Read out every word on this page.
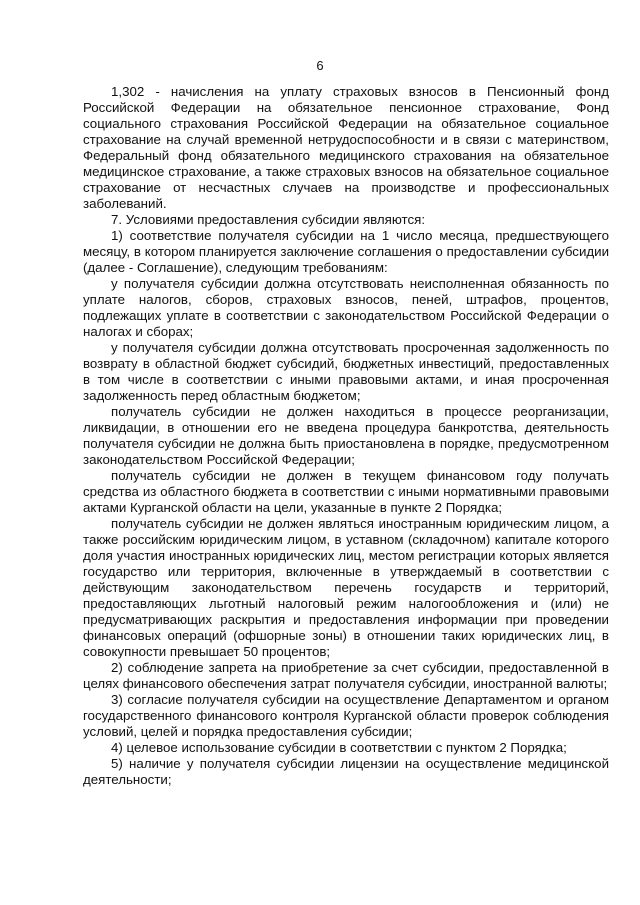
6

1,302 - начисления на уплату страховых взносов в Пенсионный фонд Российской Федерации на обязательное пенсионное страхование, Фонд социального страхования Российской Федерации на обязательное социальное страхование на случай временной нетрудоспособности и в связи с материнством, Федеральный фонд обязательного медицинского страхования на обязательное медицинское страхование, а также страховых взносов на обязательное социальное страхование от несчастных случаев на производстве и профессиональных заболеваний.

7. Условиями предоставления субсидии являются:

1) соответствие получателя субсидии на 1 число месяца, предшествующего месяцу, в котором планируется заключение соглашения о предоставлении субсидии (далее - Соглашение), следующим требованиям:

у получателя субсидии должна отсутствовать неисполненная обязанность по уплате налогов, сборов, страховых взносов, пеней, штрафов, процентов, подлежащих уплате в соответствии с законодательством Российской Федерации о налогах и сборах;

у получателя субсидии должна отсутствовать просроченная задолженность по возврату в областной бюджет субсидий, бюджетных инвестиций, предоставленных в том числе в соответствии с иными правовыми актами, и иная просроченная задолженность перед областным бюджетом;

получатель субсидии не должен находиться в процессе реорганизации, ликвидации, в отношении его не введена процедура банкротства, деятельность получателя субсидии не должна быть приостановлена в порядке, предусмотренном законодательством Российской Федерации;

получатель субсидии не должен в текущем финансовом году получать средства из областного бюджета в соответствии с иными нормативными правовыми актами Курганской области на цели, указанные в пункте 2 Порядка;

получатель субсидии не должен являться иностранным юридическим лицом, а также российским юридическим лицом, в уставном (складочном) капитале которого доля участия иностранных юридических лиц, местом регистрации которых является государство или территория, включенные в утверждаемый в соответствии с действующим законодательством перечень государств и территорий, предоставляющих льготный налоговый режим налогообложения и (или) не предусматривающих раскрытия и предоставления информации при проведении финансовых операций (офшорные зоны) в отношении таких юридических лиц, в совокупности превышает 50 процентов;

2) соблюдение запрета на приобретение за счет субсидии, предоставленной в целях финансового обеспечения затрат получателя субсидии, иностранной валюты;

3) согласие получателя субсидии на осуществление Департаментом и органом государственного финансового контроля Курганской области проверок соблюдения условий, целей и порядка предоставления субсидии;

4) целевое использование субсидии в соответствии с пунктом 2 Порядка;

5) наличие у получателя субсидии лицензии на осуществление медицинской деятельности;
